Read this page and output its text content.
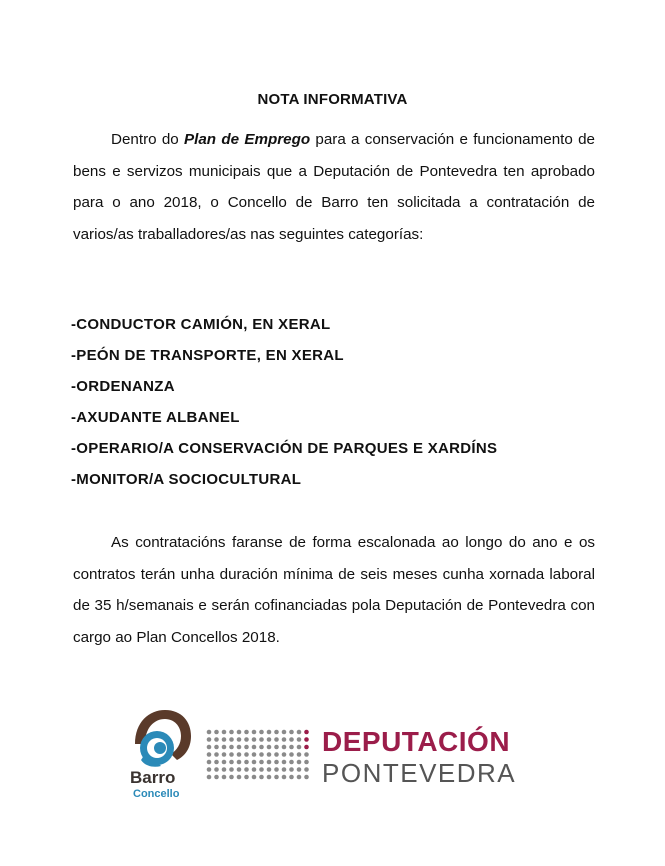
NOTA INFORMATIVA
Dentro do Plan de Emprego para a conservación e funcionamento de bens e servizos municipais que a Deputación de Pontevedra ten aprobado para o ano 2018, o Concello de Barro ten solicitada a contratación de varios/as traballadores/as nas seguintes categorías:
-CONDUCTOR CAMIÓN, EN XERAL
-PEÓN DE TRANSPORTE, EN XERAL
-ORDENANZA
-AXUDANTE ALBANEL
-OPERARIO/A CONSERVACIÓN DE PARQUES E XARDÍNS
-MONITOR/A SOCIOCULTURAL
As contratacións faranse de forma escalonada ao longo do ano e os contratos terán unha duración mínima de seis meses cunha xornada laboral de 35 h/semanais e serán cofinanciadas pola Deputación de Pontevedra con cargo ao Plan Concellos 2018.
Barro
Concello
DEPUTACIÓN
PONTEVEDRA
